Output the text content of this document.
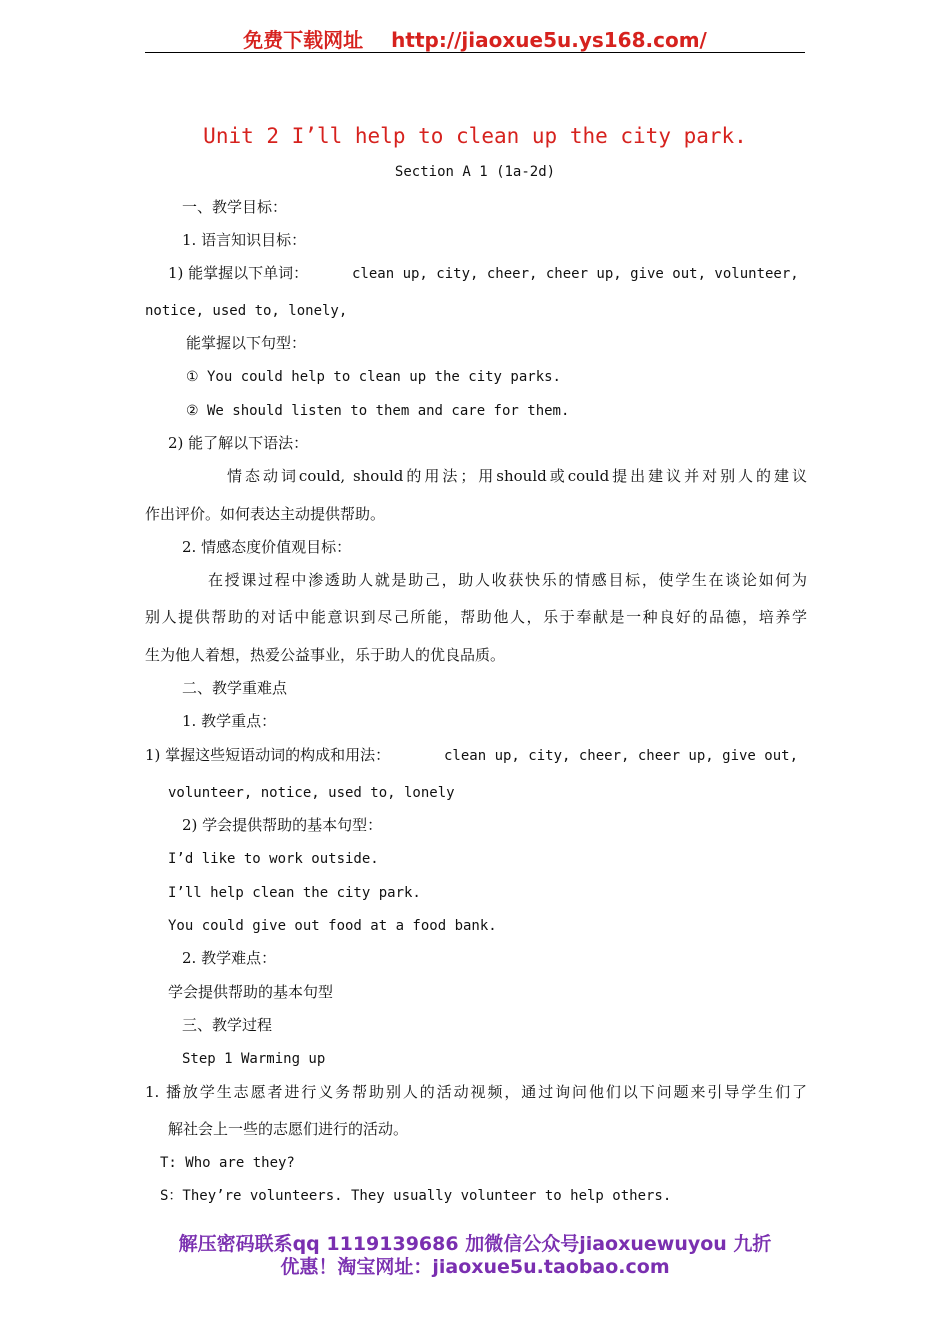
免费下载网址 http://jiaoxue5u.ys168.com/
Unit 2 I’ll help to clean up the city park.
Section A 1 (1a-2d)
一、教学目标：
1. 语言知识目标：
1) 能掌握以下单词：	clean up, city, cheer, cheer up, give out, volunteer,
notice, used to, lonely,
能掌握以下句型：
① You could help to clean up the city parks.
② We should listen to them and care for them.
2) 能了解以下语法：
情态动词could, should的用法；用should或could提出建议并对别人的建议
作出评价。如何表达主动提供帮助。
2. 情感态度价值观目标：
在授课过程中渗透助人就是助己，助人收获快乐的情感目标，使学生在谈论如何为
别人提供帮助的对话中能意识到尽己所能，帮助他人，乐于奉献是一种良好的品德，培养学
生为他人着想，热爱公益事业，乐于助人的优良品质。
二、教学重难点
1. 教学重点：
1) 掌握这些短语动词的构成和用法：	clean up, city, cheer, cheer up, give out,
volunteer, notice, used to, lonely
2) 学会提供帮助的基本句型：
I’d like to work outside.
I’ll help clean the city park.
You could give out food at a food bank.
2. 教学难点：
学会提供帮助的基本句型
三、教学过程
Step 1 Warming up
1. 播放学生志愿者进行义务帮助别人的活动视频，通过询问他们以下问题来引导学生们了
解社会上一些的志愿们进行的活动。
T: Who are they?
S：They’re volunteers. They usually volunteer to help others.
解压密码联系qq 1119139686 加微信公众号jiaoxuewuyou 九折
优惠！淘宝网址：jiaoxue5u.taobao.com
